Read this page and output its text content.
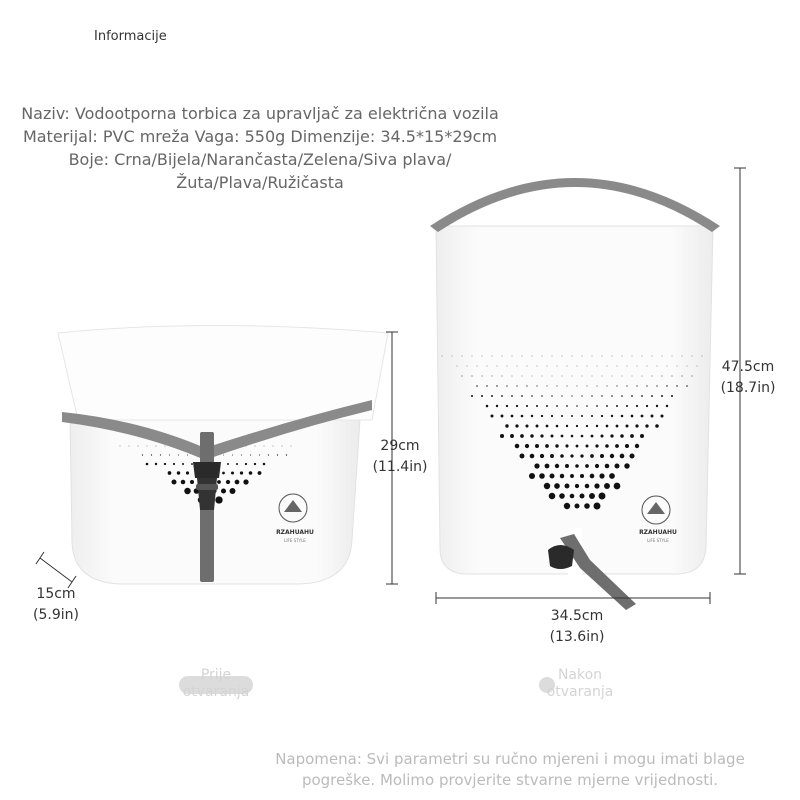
Informacije
Naziv: Vodootporna torbica za upravljač za električna vozila Materijal: PVC mreža Vaga: 550g Dimenzije: 34.5*15*29cm Boje: Crna/Bijela/Narančasta/Zelena/Siva plava/Žuta/Plava/Ružičasta
RZAHUAHU
LIFE STYLE
RZAHUAHU
LIFE STYLE
29cm
(11.4in)
15cm
(5.9in)
47.5cm
(18.7in)
34.5cm
(13.6in)
Prije
otvaranja
Nakon
otvaranja
Napomena: Svi parametri su ručno mjereni i mogu imati blage pogreške. Molimo provjerite stvarne mjerne vrijednosti.
